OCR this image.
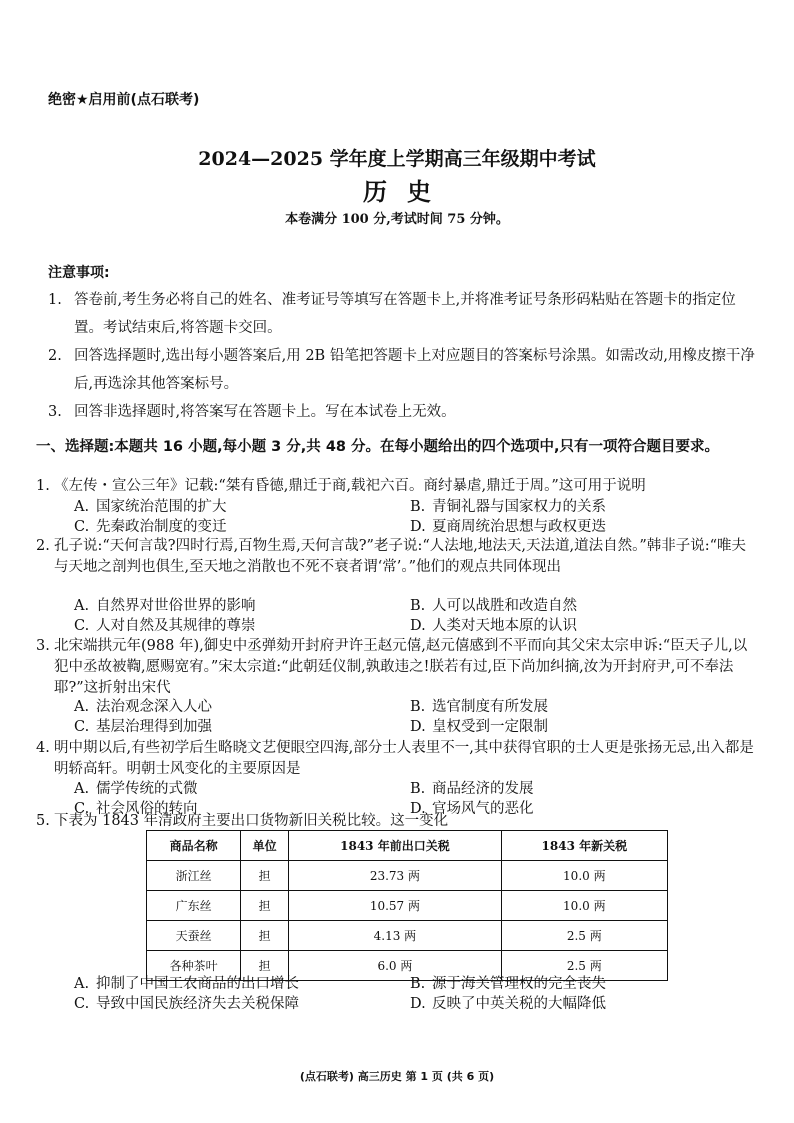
绝密★启用前(点石联考)
2024—2025 学年度上学期高三年级期中考试
历史
本卷满分 100 分,考试时间 75 分钟。
注意事项:
1. 答卷前,考生务必将自己的姓名、准考证号等填写在答题卡上,并将准考证号条形码粘贴在答题卡的指定位置。考试结束后,将答题卡交回。
2. 回答选择题时,选出每小题答案后,用 2B 铅笔把答题卡上对应题目的答案标号涂黑。如需改动,用橡皮擦干净后,再选涂其他答案标号。
3. 回答非选择题时,将答案写在答题卡上。写在本试卷上无效。
一、选择题:本题共 16 小题,每小题 3 分,共 48 分。在每小题给出的四个选项中,只有一项符合题目要求。
1. 《左传・宣公三年》记载:“桀有昏德,鼎迁于商,载祀六百。商纣暴虐,鼎迁于周。”这可用于说明
A. 国家统治范围的扩大	B. 青铜礼器与国家权力的关系
C. 先秦政治制度的变迁	D. 夏商周统治思想与政权更迭
2. 孔子说:“天何言哉?四时行焉,百物生焉,天何言哉?”老子说:“人法地,地法天,天法道,道法自然。”韩非子说:“唯夫与天地之剖判也俱生,至天地之消散也不死不衰者谓‘常’。”他们的观点共同体现出
A. 自然界对世俗世界的影响	B. 人可以战胜和改造自然
C. 人对自然及其规律的尊崇	D. 人类对天地本原的认识
3. 北宋端拱元年(988 年),御史中丞弹劾开封府尹许王赵元僖,赵元僖感到不平而向其父宋太宗申诉:“臣天子儿,以犯中丞故被鞫,愿赐宽宥。”宋太宗道:“此朝廷仪制,孰敢违之!朕若有过,臣下尚加纠摘,汝为开封府尹,可不奉法耶?”这折射出宋代
A. 法治观念深入人心	B. 选官制度有所发展
C. 基层治理得到加强	D. 皇权受到一定限制
4. 明中期以后,有些初学后生略晓文艺便眼空四海,部分士人表里不一,其中获得官职的士人更是张扬无忌,出入都是明轿高轩。明朝士风变化的主要原因是
A. 儒学传统的式微	B. 商品经济的发展
C. 社会风俗的转向	D. 官场风气的恶化
5. 下表为 1843 年清政府主要出口货物新旧关税比较。这一变化
商品名称	单位	1843 年前出口关税	1843 年新关税
浙江丝	担	23.73 两	10.0 两
广东丝	担	10.57 两	10.0 两
天蚕丝	担	4.13 两	2.5 两
各种茶叶	担	6.0 两	2.5 两
A. 抑制了中国工农商品的出口增长	B. 源于海关管理权的完全丧失
C. 导致中国民族经济失去关税保障	D. 反映了中英关税的大幅降低
(点石联考) 高三历史 第 1 页 (共 6 页)
